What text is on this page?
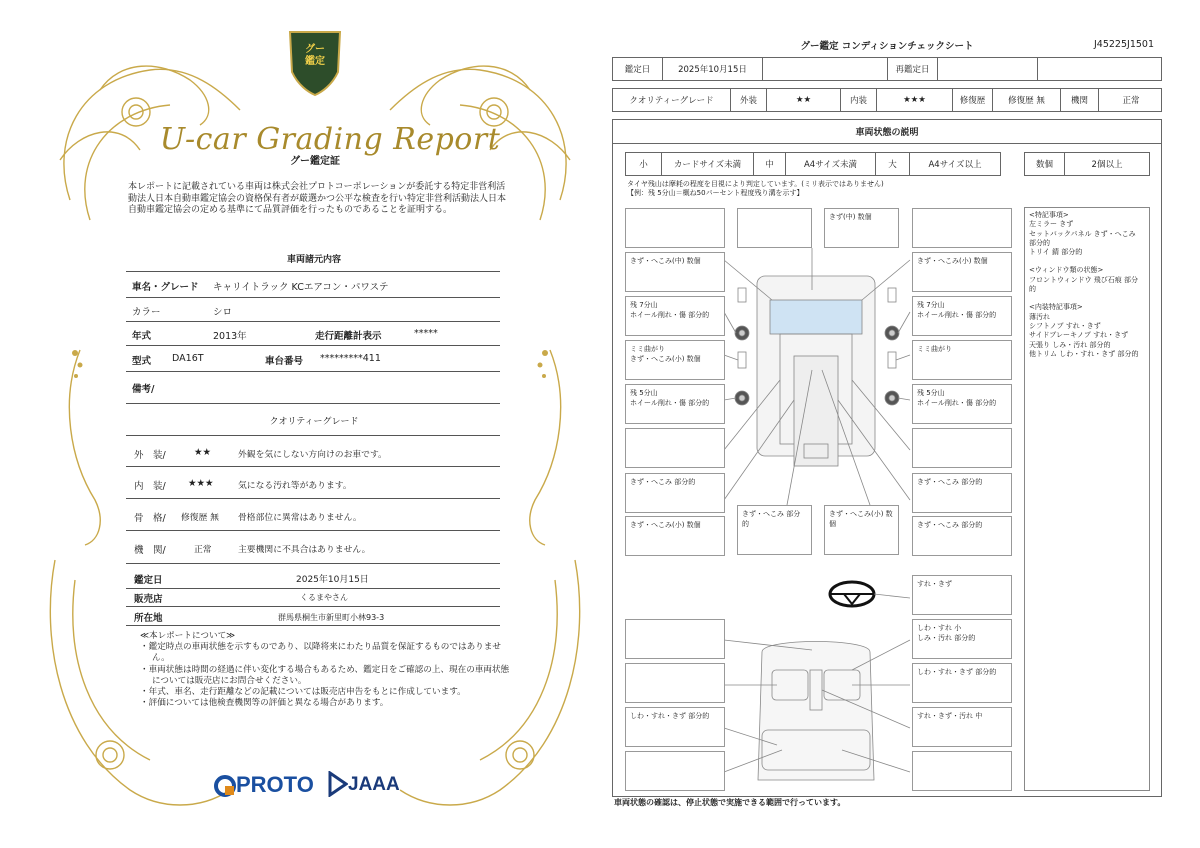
グー
鑑定
U-car Grading Report
グー鑑定証
本レポートに記載されている車両は株式会社プロトコーポレーションが委託する特定非営利活動法人日本自動車鑑定協会の資格保有者が厳選かつ公平な検査を行い特定非営利活動法人日本自動車鑑定協会の定める基準にて品質評価を行ったものであることを証明する。
車両諸元内容
車名・グレード キャリイトラック KCエアコン・パワステ
カラー	シロ
年式	2013年	走行距離計表示	*****
型式 DA16T	車台番号 *********411
備考/
クオリティーグレード
外　装/	★★	外観を気にしない方向けのお車です。
内　装/ ★★★	気になる汚れ等があります。
骨　格/ 修復歴 無 骨格部位に異常はありません。
機　関/	正常	主要機関に不具合はありません。
鑑定日	2025年10月15日
販売店	くるまやさん
所在地	群馬県桐生市新里町小林93-3
≪本レポートについて≫
・鑑定時点の車両状態を示すものであり、以降将来にわたり品質を保証するものではありません。
・車両状態は時間の経過に伴い変化する場合もあるため、鑑定日をご確認の上、現在の車両状態については販売店にお問合せください。
・年式、車名、走行距離などの記載については販売店申告をもとに作成しています。
・評価については他検査機関等の評価と異なる場合があります。
PROTO JAAA
グー鑑定 コンディションチェックシート	J45225J1501
鑑定日	2025年10月15日	再鑑定日
クオリティーグレード	外装	★★	内装	★★★	修復歴	修復歴 無	機関	正常
車両状態の説明
小	カードサイズ未満	中	A4サイズ未満	大	A4サイズ以上	数個	2個以上
タイヤ残山は摩耗の程度を目視により判定しています。(ミリ表示ではありません)
【例：残 5分山＝概ね50パーセント程度残り溝を示す】
きず(中) 数個
きず・へこみ(中) 数個	きず・へこみ(小) 数個
残 7分山
ホイール削れ・傷 部分的
残 7分山
ホイール削れ・傷 部分的
ミミ曲がり
きず・へこみ(小) 数個
ミミ曲がり
残 5分山
ホイール削れ・傷 部分的
残 5分山
ホイール削れ・傷 部分的
きず・へこみ 部分的	きず・へこみ 部分的
きず・へこみ(小) 数個
きず・へこみ 部分的
きず・へこみ(小) 数個	きず・へこみ 部分的
すれ・きず
しわ・すれ 小
しみ・汚れ 部分的
しわ・すれ・きず 部分的
しわ・すれ・きず 部分的	すれ・きず・汚れ 中
<特記事項>
左ミラー きず
セットバックパネル きず・へこみ
部分的
トリイ 錆 部分的
<ウィンドウ類の状態>
フロントウィンドウ 飛び石痕 部分的
<内装特記事項>
薄汚れ
シフトノブ すれ・きず
サイドブレーキノブ すれ・きず
天張り しみ・汚れ 部分的
他トリム しわ・すれ・きず 部分的
車両状態の確認は、停止状態で実施できる範囲で行っています。
